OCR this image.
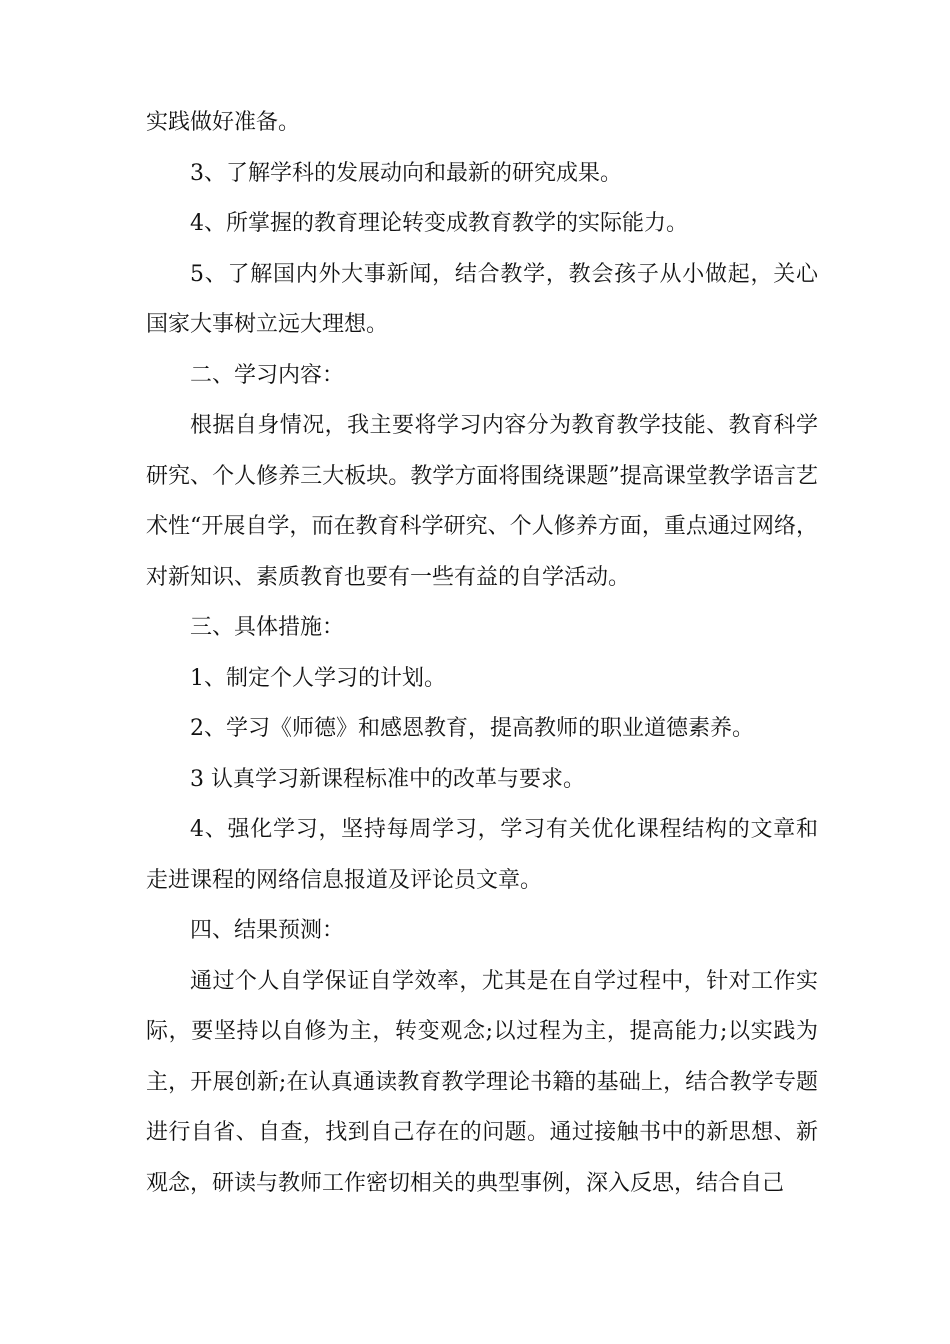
实践做好准备。

3、了解学科的发展动向和最新的研究成果。

4、所掌握的教育理论转变成教育教学的实际能力。

5、了解国内外大事新闻，结合教学，教会孩子从小做起，关心国家大事树立远大理想。

二、学习内容：

根据自身情况，我主要将学习内容分为教育教学技能、教育科学研究、个人修养三大板块。教学方面将围绕课题”提高课堂教学语言艺术性“开展自学，而在教育科学研究、个人修养方面，重点通过网络，对新知识、素质教育也要有一些有益的自学活动。

三、具体措施：

1、制定个人学习的计划。

2、学习《师德》和感恩教育，提高教师的职业道德素养。

3 认真学习新课程标准中的改革与要求。

4、强化学习，坚持每周学习，学习有关优化课程结构的文章和走进课程的网络信息报道及评论员文章。

四、结果预测：

通过个人自学保证自学效率，尤其是在自学过程中，针对工作实际，要坚持以自修为主，转变观念;以过程为主，提高能力;以实践为主，开展创新;在认真通读教育教学理论书籍的基础上，结合教学专题进行自省、自查，找到自己存在的问题。通过接触书中的新思想、新观念，研读与教师工作密切相关的典型事例，深入反思，结合自己
